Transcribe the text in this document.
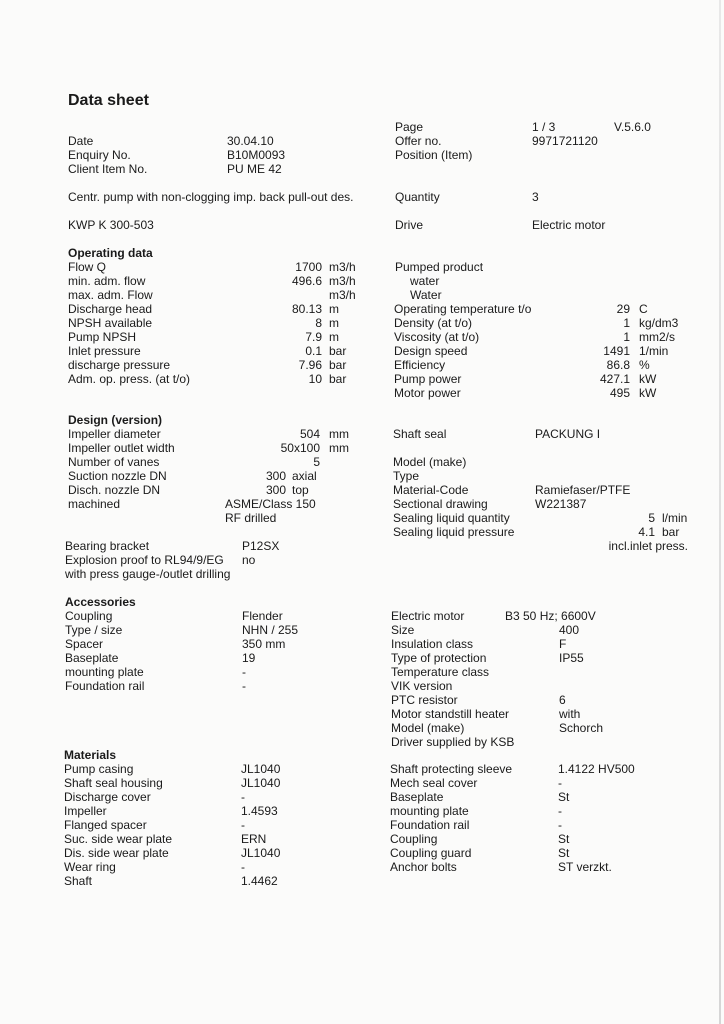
Data sheet
Date	30.04.10
Enquiry No.	B10M0093
Client Item No.	PU ME 42
Page	1 / 3	V.5.6.0
Offer no.	9971721120
Position (Item)
Centr. pump with non-clogging imp. back pull-out des.	Quantity	3
KWP K 300-503	Drive	Electric motor
Operating data
Flow Q	1700 m3/h
min. adm. flow	496.6 m3/h
max. adm. Flow	m3/h
Discharge head	80.13 m
NPSH available	8 m
Pump NPSH	7.9 m
Inlet pressure	0.1 bar
discharge pressure	7.96 bar
Adm. op. press. (at t/o)	10 bar
Pumped product
water
Water
Operating temperature t/o	29 C
Density (at t/o)	1 kg/dm3
Viscosity (at t/o)	1 mm2/s
Design speed	1491 1/min
Efficiency	86.8 %
Pump power	427.1 kW
Motor power	495 kW
Design (version)
Impeller diameter	504 mm
Impeller outlet width	50x100 mm
Number of vanes	5
Suction nozzle DN	300 axial
Disch. nozzle DN	300 top
machined	ASME/Class 150
RF drilled
Bearing bracket	P12SX
Explosion proof to RL94/9/EG no
with press gauge-/outlet drilling
Shaft seal	PACKUNG I
Model (make)
Type
Material-Code	Ramiefaser/PTFE
Sectional drawing	W221387
Sealing liquid quantity	5 l/min
Sealing liquid pressure	4.1 bar
incl.inlet press.
Accessories
Coupling	Flender
Type / size	NHN / 255
Spacer	350 mm
Baseplate	19
mounting plate	-
Foundation rail	-
Electric motor	B3 50 Hz; 6600V
Size	400
Insulation class	F
Type of protection	IP55
Temperature class
VIK version
PTC resistor	6
Motor standstill heater	with
Model (make)	Schorch
Driver supplied by KSB
Materials
Pump casing	JL1040
Shaft seal housing	JL1040
Discharge cover	-
Impeller	1.4593
Flanged spacer	-
Suc. side wear plate	ERN
Dis. side wear plate	JL1040
Wear ring	-
Shaft	1.4462
Shaft protecting sleeve	1.4122 HV500
Mech seal cover	-
Baseplate	St
mounting plate	-
Foundation rail	-
Coupling	St
Coupling guard	St
Anchor bolts	ST verzkt.
